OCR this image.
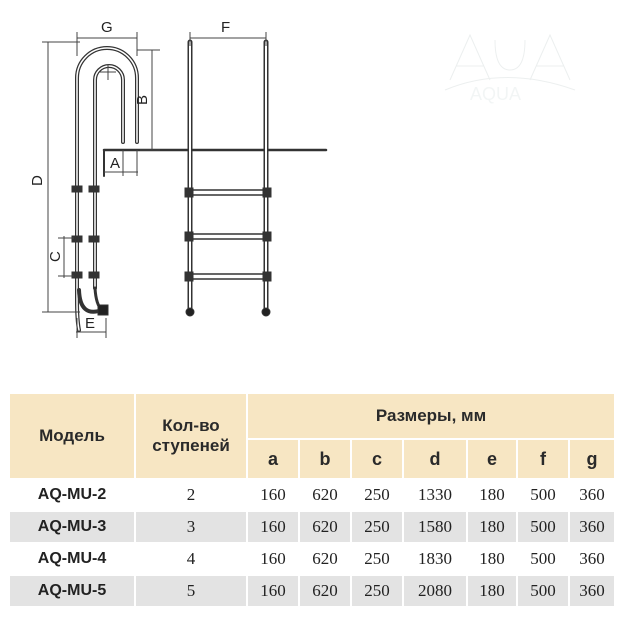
AQUA
G	F
B
A
D
C
E
Модель	Кол-во ступеней	Размеры, мм						
		a	b	c	d	e	f	g
AQ-MU-2	2	160	620	250	1330	180	500	360
AQ-MU-3	3	160	620	250	1580	180	500	360
AQ-MU-4	4	160	620	250	1830	180	500	360
AQ-MU-5	5	160	620	250	2080	180	500	360
